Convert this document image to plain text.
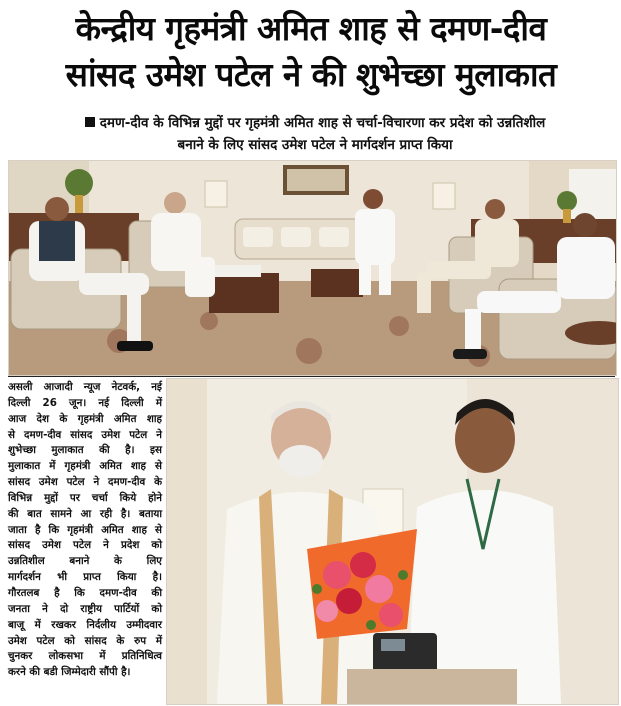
केन्द्रीय गृहमंत्री अमित शाह से दमण-दीव
सांसद उमेश पटेल ने की शुभेच्छा मुलाकात
दमण-दीव के विभिन्न मुद्दों पर गृहमंत्री अमित शाह से चर्चा-विचारणा कर प्रदेश को उन्नतिशील
बनाने के लिए सांसद उमेश पटेल ने मार्गदर्शन प्राप्त किया
असली आजादी न्यूज नेटवर्क, नई
दिल्ली 26 जून। नई दिल्ली में
आज देश के गृहमंत्री अमित शाह
से दमण-दीव सांसद उमेश पटेल ने
शुभेच्छा मुलाकात की है। इस
मुलाकात में गृहमंत्री अमित शाह से
सांसद उमेश पटेल ने दमण-दीव के
विभिन्न मुद्दों पर चर्चा किये होने
की बात सामने आ रही है। बताया
जाता है कि गृहमंत्री अमित शाह से
सांसद उमेश पटेल ने प्रदेश को
उन्नतिशील बनाने के लिए
मार्गदर्शन भी प्राप्त किया है।
गौरतलब है कि दमण-दीव की
जनता ने दो राष्ट्रीय पार्टियों को
बाजू में रखकर निर्दलीय उम्मीदवार
उमेश पटेल को सांसद के रुप में
चुनकर लोकसभा में प्रतिनिधित्व
करने की बडी जिम्मेदारी सौंपी है।
